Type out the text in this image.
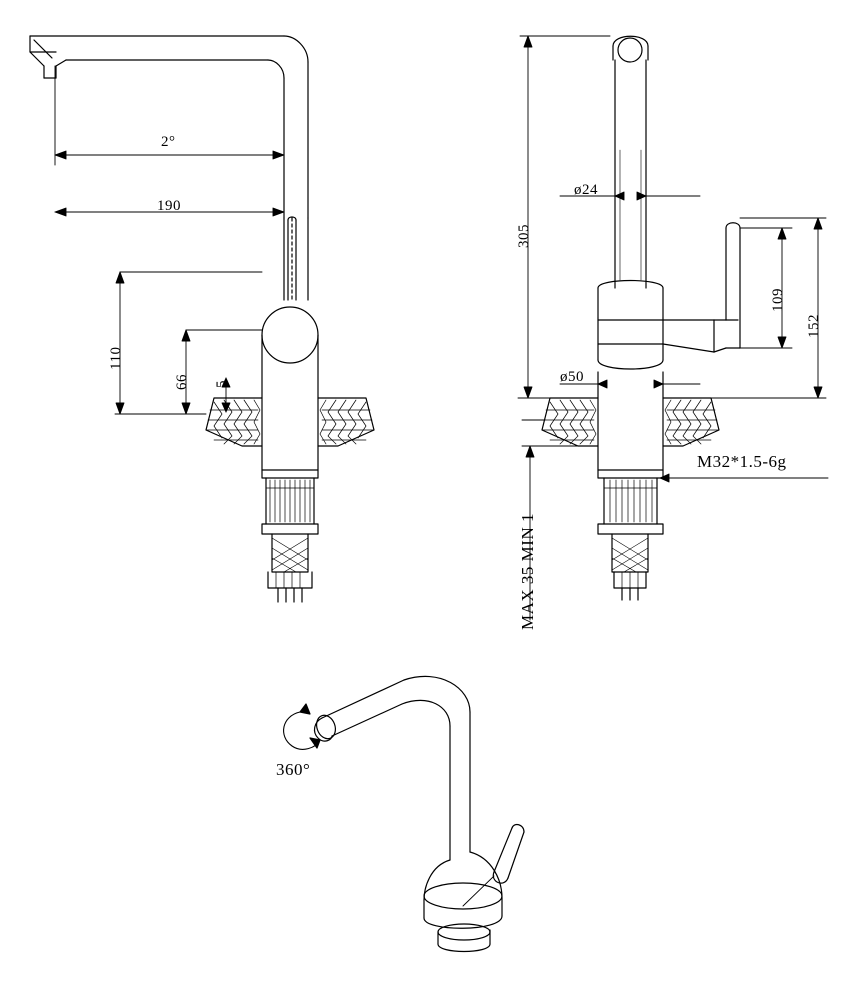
2°
190
110
66 5
305
ø24
ø50
109
152
M32*1.5-6g
MAX 35 MIN 1
360°
